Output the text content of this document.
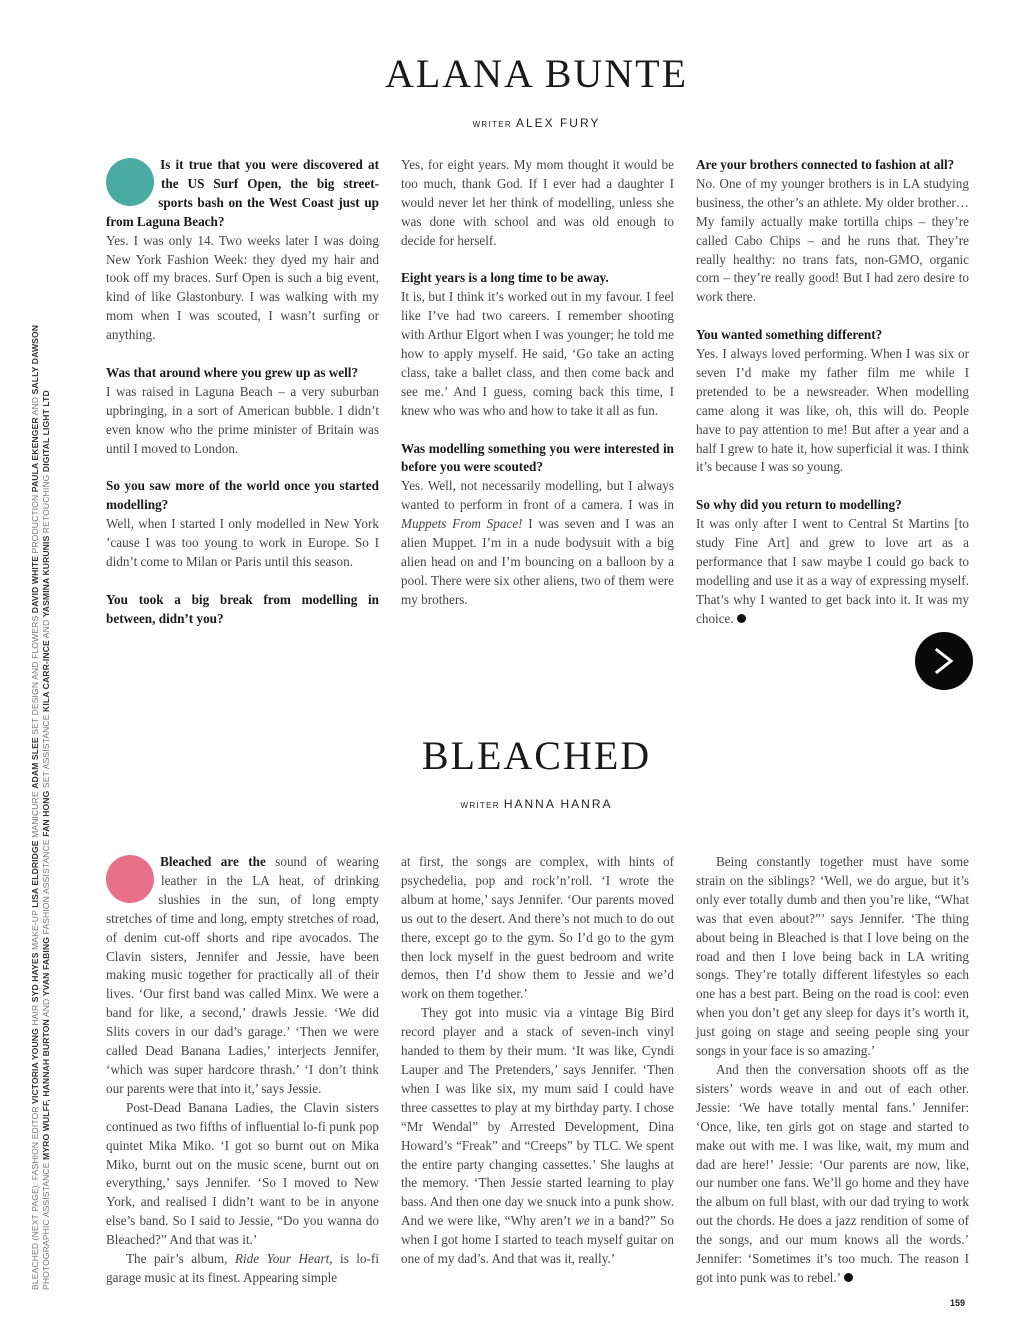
BLEACHED (NEXT PAGE): FASHION EDITOR VICTORIA YOUNG HAIR SYD HAYES MAKE-UP LISA ELDRIDGE MANICURE ADAM SLEE SET DESIGN AND FLOWERS DAVID WHITE PRODUCTION PAULA EKENGER AND SALLY DAWSON
PHOTOGRAPHIC ASSISTANCE MYRO WULFF, HANNAH BURTON AND YVAN FABING FASHION ASSISTANCE FAN HONG SET ASSISTANCE KILA CARR-INCE AND YASMINA KURUNIS RETOUCHING DIGITAL LIGHT LTD
ALANA BUNTE
WRITER ALEX FURY

Is it true that you were discovered at the US Surf Open, the big street-sports bash on the West Coast just up from Laguna Beach?

Yes. I was only 14. Two weeks later I was doing New York Fashion Week: they dyed my hair and took off my braces. Surf Open is such a big event, kind of like Glastonbury. I was walking with my mom when I was scouted, I wasn’t surfing or anything.

Was that around where you grew up as well?

I was raised in Laguna Beach – a very suburban upbringing, in a sort of American bubble. I didn’t even know who the prime minister of Britain was until I moved to London.

So you saw more of the world once you started modelling?

Well, when I started I only modelled in New York ’cause I was too young to work in Europe. So I didn’t come to Milan or Paris until this season.

You took a big break from modelling in between, didn’t you?

Yes, for eight years. My mom thought it would be too much, thank God. If I ever had a daughter I would never let her think of modelling, unless she was done with school and was old enough to decide for herself.

Eight years is a long time to be away.

It is, but I think it’s worked out in my favour. I feel like I’ve had two careers. I remember shooting with Arthur Elgort when I was younger; he told me how to apply myself. He said, ‘Go take an acting class, take a ballet class, and then come back and see me.’ And I guess, coming back this time, I knew who was who and how to take it all as fun.

Was modelling something you were interested in before you were scouted?

Yes. Well, not necessarily modelling, but I always wanted to perform in front of a camera. I was in Muppets From Space! I was seven and I was an alien Muppet. I’m in a nude bodysuit with a big alien head on and I’m bouncing on a balloon by a pool. There were six other aliens, two of them were my brothers.

Are your brothers connected to fashion at all?

No. One of my younger brothers is in LA studying business, the other’s an athlete. My older brother… My family actually make tortilla chips – they’re called Cabo Chips – and he runs that. They’re really healthy: no trans fats, non-GMO, organic corn – they’re really good! But I had zero desire to work there.

You wanted something different?

Yes. I always loved performing. When I was six or seven I’d make my father film me while I pretended to be a newsreader. When modelling came along it was like, oh, this will do. People have to pay attention to me! But after a year and a half I grew to hate it, how superficial it was. I think it’s because I was so young.

So why did you return to modelling?

It was only after I went to Central St Martins [to study Fine Art] and grew to love art as a performance that I saw maybe I could go back to modelling and use it as a way of expressing myself. That’s why I wanted to get back into it. It was my choice.

BLEACHED
WRITER HANNA HANRA

Bleached are the sound of wearing leather in the LA heat, of drinking slushies in the sun, of long empty stretches of time and long, empty stretches of road, of denim cut-off shorts and ripe avocados. The Clavin sisters, Jennifer and Jessie, have been making music together for practically all of their lives. ‘Our first band was called Minx. We were a band for like, a second,’ drawls Jessie. ‘We did Slits covers in our dad’s garage.’ ‘Then we were called Dead Banana Ladies,’ interjects Jennifer, ‘which was super hardcore thrash.’ ‘I don’t think our parents were that into it,’ says Jessie.

Post-Dead Banana Ladies, the Clavin sisters continued as two fifths of influential lo-fi punk pop quintet Mika Miko. ‘I got so burnt out on Mika Miko, burnt out on the music scene, burnt out on everything,’ says Jennifer. ‘So I moved to New York, and realised I didn’t want to be in anyone else’s band. So I said to Jessie, “Do you wanna do Bleached?” And that was it.’

The pair’s album, Ride Your Heart, is lo-fi garage music at its finest. Appearing simple

at first, the songs are complex, with hints of psychedelia, pop and rock’n’roll. ‘I wrote the album at home,’ says Jennifer. ‘Our parents moved us out to the desert. And there’s not much to do out there, except go to the gym. So I’d go to the gym then lock myself in the guest bedroom and write demos, then I’d show them to Jessie and we’d work on them together.’

They got into music via a vintage Big Bird record player and a stack of seven-inch vinyl handed to them by their mum. ‘It was like, Cyndi Lauper and The Pretenders,’ says Jennifer. ‘Then when I was like six, my mum said I could have three cassettes to play at my birthday party. I chose “Mr Wendal” by Arrested Development, Dina Howard’s “Freak” and “Creeps” by TLC. We spent the entire party changing cassettes.’ She laughs at the memory. ‘Then Jessie started learning to play bass. And then one day we snuck into a punk show. And we were like, “Why aren’t we in a band?” So when I got home I started to teach myself guitar on one of my dad’s. And that was it, really.’

Being constantly together must have some strain on the siblings? ‘Well, we do argue, but it’s only ever totally dumb and then you’re like, “What was that even about?”’ says Jennifer. ‘The thing about being in Bleached is that I love being on the road and then I love being back in LA writing songs. They’re totally different lifestyles so each one has a best part. Being on the road is cool: even when you don’t get any sleep for days it’s worth it, just going on stage and seeing people sing your songs in your face is so amazing.’

And then the conversation shoots off as the sisters’ words weave in and out of each other. Jessie: ‘We have totally mental fans.’ Jennifer: ‘Once, like, ten girls got on stage and started to make out with me. I was like, wait, my mum and dad are here!’ Jessie: ‘Our parents are now, like, our number one fans. We’ll go home and they have the album on full blast, with our dad trying to work out the chords. He does a jazz rendition of some of the songs, and our mum knows all the words.’ Jennifer: ‘Sometimes it’s too much. The reason I got into punk was to rebel.’

159
